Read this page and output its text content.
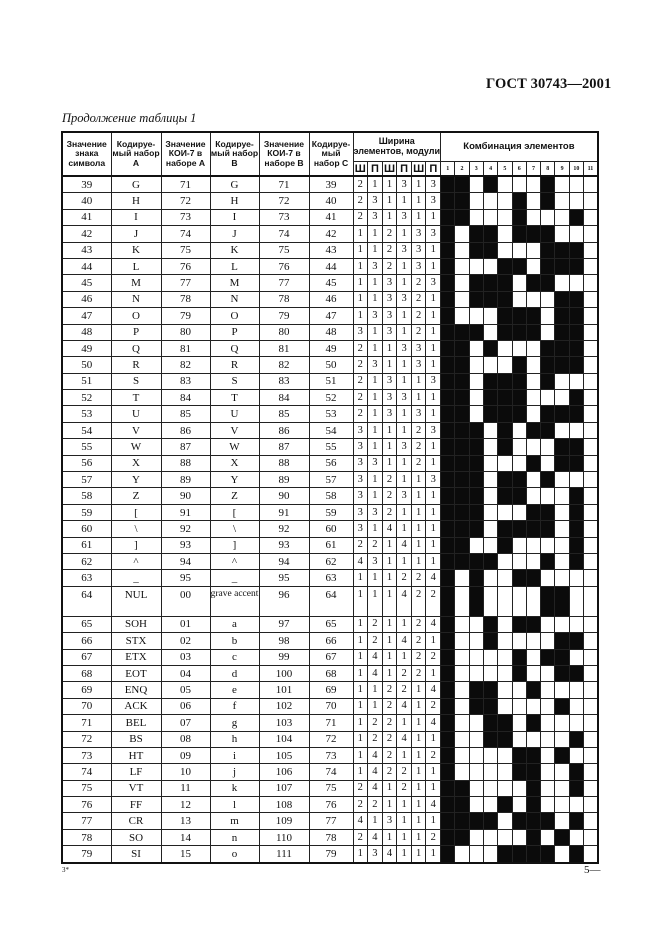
ГОСТ 30743—2001
Продолжение таблицы 1
Значение знака символа	Кодируе-мый набор А	Значение КОИ-7 в наборе А	Кодируе-мый набор В	Значение КОИ-7 в наборе В	Кодируе-мый набор С	Ширина элементов, модули						Комбинация элементов										
						Ш	П	Ш	П	Ш	П	1	2	3	4	5	6	7	8	9	10	11
39	G	71	G	71	39	2	1	1	3	1	3											
40	H	72	H	72	40	2	3	1	1	1	3											
41	I	73	I	73	41	2	3	1	3	1	1											
42	J	74	J	74	42	1	1	2	1	3	3											
43	K	75	K	75	43	1	1	2	3	3	1											
44	L	76	L	76	44	1	3	2	1	3	1											
45	M	77	M	77	45	1	1	3	1	2	3											
46	N	78	N	78	46	1	1	3	3	2	1											
47	O	79	O	79	47	1	3	3	1	2	1											
48	P	80	P	80	48	3	1	3	1	2	1											
49	Q	81	Q	81	49	2	1	1	3	3	1											
50	R	82	R	82	50	2	3	1	1	3	1											
51	S	83	S	83	51	2	1	3	1	1	3											
52	T	84	T	84	52	2	1	3	3	1	1											
53	U	85	U	85	53	2	1	3	1	3	1											
54	V	86	V	86	54	3	1	1	1	2	3											
55	W	87	W	87	55	3	1	1	3	2	1											
56	X	88	X	88	56	3	3	1	1	2	1											
57	Y	89	Y	89	57	3	1	2	1	1	3											
58	Z	90	Z	90	58	3	1	2	3	1	1											
59	[	91	[	91	59	3	3	2	1	1	1											
60	\	92	\	92	60	3	1	4	1	1	1											
61	]	93	]	93	61	2	2	1	4	1	1											
62	^	94	^	94	62	4	3	1	1	1	1											
63	_	95	_	95	63	1	1	1	2	2	4											
64	NUL	00	grave accent	96	64	1	1	1	4	2	2											
65	SOH	01	a	97	65	1	2	1	1	2	4											
66	STX	02	b	98	66	1	2	1	4	2	1											
67	ETX	03	c	99	67	1	4	1	1	2	2											
68	EOT	04	d	100	68	1	4	1	2	2	1											
69	ENQ	05	e	101	69	1	1	2	2	1	4											
70	ACK	06	f	102	70	1	1	2	4	1	2											
71	BEL	07	g	103	71	1	2	2	1	1	4											
72	BS	08	h	104	72	1	2	2	4	1	1											
73	HT	09	i	105	73	1	4	2	1	1	2											
74	LF	10	j	106	74	1	4	2	2	1	1											
75	VT	11	k	107	75	2	4	1	2	1	1											
76	FF	12	l	108	76	2	2	1	1	1	4											
77	CR	13	m	109	77	4	1	3	1	1	1											
78	SO	14	n	110	78	2	4	1	1	1	2											
79	SI	15	o	111	79	1	3	4	1	1	1											
3*	5—
